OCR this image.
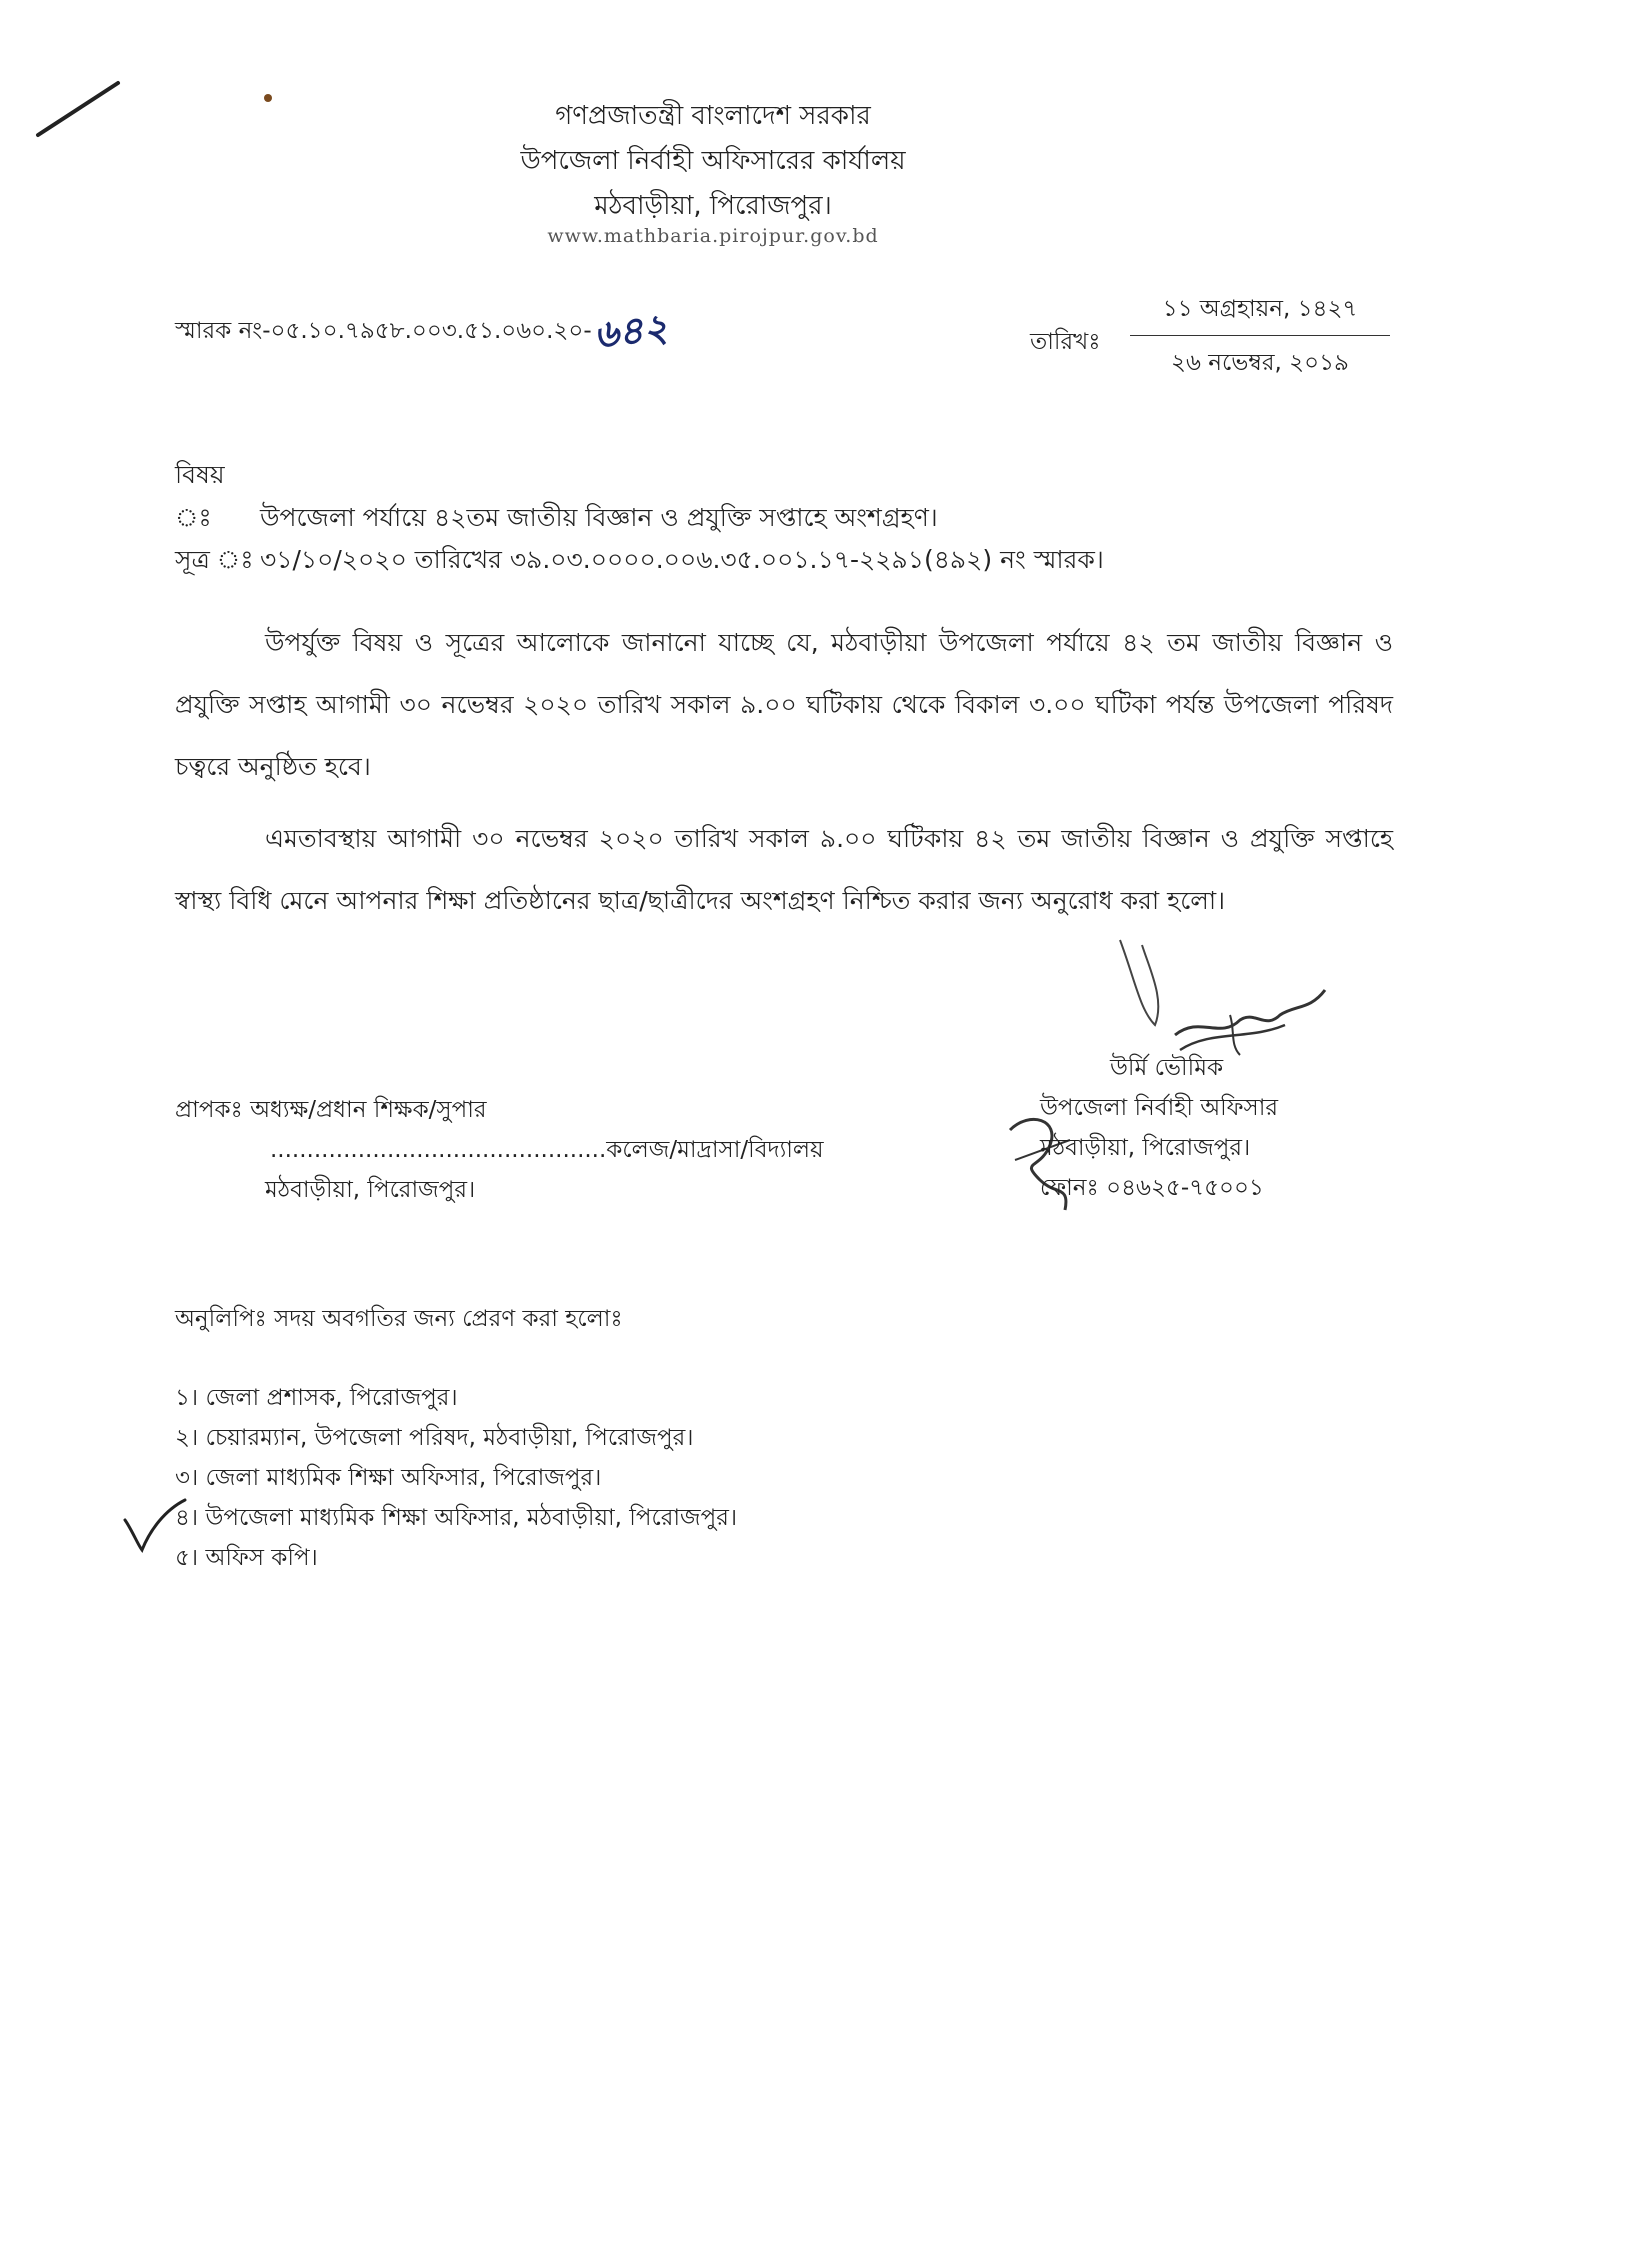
গণপ্রজাতন্ত্রী বাংলাদেশ সরকার
উপজেলা নির্বাহী অফিসারের কার্যালয়
মঠবাড়ীয়া, পিরোজপুর।
www.mathbaria.pirojpur.gov.bd
স্মারক নং-০৫.১০.৭৯৫৮.০০৩.৫১.০৬০.২০-৬৪২	তারিখঃ
১১ অগ্রহায়ন, ১৪২৭
২৬ নভেম্বর, ২০১৯
বিষয় ঃ উপজেলা পর্যায়ে ৪২তম জাতীয় বিজ্ঞান ও প্রযুক্তি সপ্তাহে অংশগ্রহণ।
সূত্র ঃ ৩১/১০/২০২০ তারিখের ৩৯.০৩.০০০০.০০৬.৩৫.০০১.১৭-২২৯১(৪৯২) নং স্মারক।
উপর্যুক্ত বিষয় ও সূত্রের আলোকে জানানো যাচ্ছে যে, মঠবাড়ীয়া উপজেলা পর্যায়ে ৪২ তম জাতীয় বিজ্ঞান ও প্রযুক্তি সপ্তাহ আগামী ৩০ নভেম্বর ২০২০ তারিখ সকাল ৯.০০ ঘটিকায় থেকে বিকাল ৩.০০ ঘটিকা পর্যন্ত উপজেলা পরিষদ চত্বরে অনুষ্ঠিত হবে।
এমতাবস্থায় আগামী ৩০ নভেম্বর ২০২০ তারিখ সকাল ৯.০০ ঘটিকায় ৪২ তম জাতীয় বিজ্ঞান ও প্রযুক্তি সপ্তাহে স্বাস্থ্য বিধি মেনে আপনার শিক্ষা প্রতিষ্ঠানের ছাত্র/ছাত্রীদের অংশগ্রহণ নিশ্চিত করার জন্য অনুরোধ করা হলো।
প্রাপকঃ অধ্যক্ষ/প্রধান শিক্ষক/সুপার
..............................................কলেজ/মাদ্রাসা/বিদ্যালয়
মঠবাড়ীয়া, পিরোজপুর।
উর্মি ভৌমিক
উপজেলা নির্বাহী অফিসার
মঠবাড়ীয়া, পিরোজপুর।
ফোনঃ ০৪৬২৫-৭৫০০১
অনুলিপিঃ সদয় অবগতির জন্য প্রেরণ করা হলোঃ
১। জেলা প্রশাসক, পিরোজপুর।
২। চেয়ারম্যান, উপজেলা পরিষদ, মঠবাড়ীয়া, পিরোজপুর।
৩। জেলা মাধ্যমিক শিক্ষা অফিসার, পিরোজপুর।
৪। উপজেলা মাধ্যমিক শিক্ষা অফিসার, মঠবাড়ীয়া, পিরোজপুর।
৫। অফিস কপি।
